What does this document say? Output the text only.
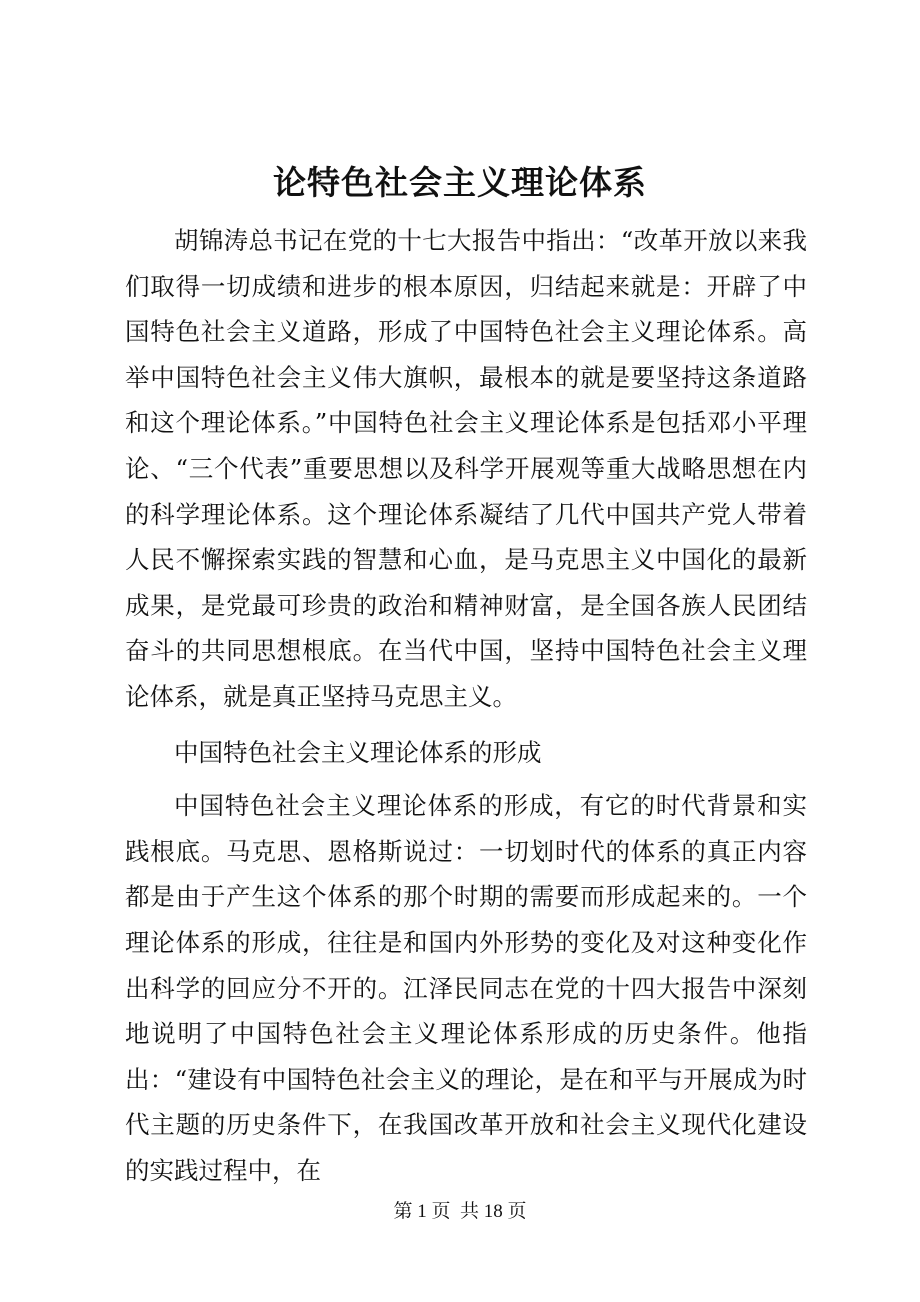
论特色社会主义理论体系

胡锦涛总书记在党的十七大报告中指出：“改革开放以来我们取得一切成绩和进步的根本原因，归结起来就是：开辟了中国特色社会主义道路，形成了中国特色社会主义理论体系。高举中国特色社会主义伟大旗帜，最根本的就是要坚持这条道路和这个理论体系。”中国特色社会主义理论体系是包括邓小平理论、“三个代表”重要思想以及科学开展观等重大战略思想在内的科学理论体系。这个理论体系凝结了几代中国共产党人带着人民不懈探索实践的智慧和心血，是马克思主义中国化的最新成果，是党最可珍贵的政治和精神财富，是全国各族人民团结奋斗的共同思想根底。在当代中国，坚持中国特色社会主义理论体系，就是真正坚持马克思主义。

中国特色社会主义理论体系的形成

中国特色社会主义理论体系的形成，有它的时代背景和实践根底。马克思、恩格斯说过：一切划时代的体系的真正内容都是由于产生这个体系的那个时期的需要而形成起来的。一个理论体系的形成，往往是和国内外形势的变化及对这种变化作出科学的回应分不开的。江泽民同志在党的十四大报告中深刻地说明了中国特色社会主义理论体系形成的历史条件。他指出：“建设有中国特色社会主义的理论，是在和平与开展成为时代主题的历史条件下，在我国改革开放和社会主义现代化建设的实践过程中，在

第 1 页  共 18 页
